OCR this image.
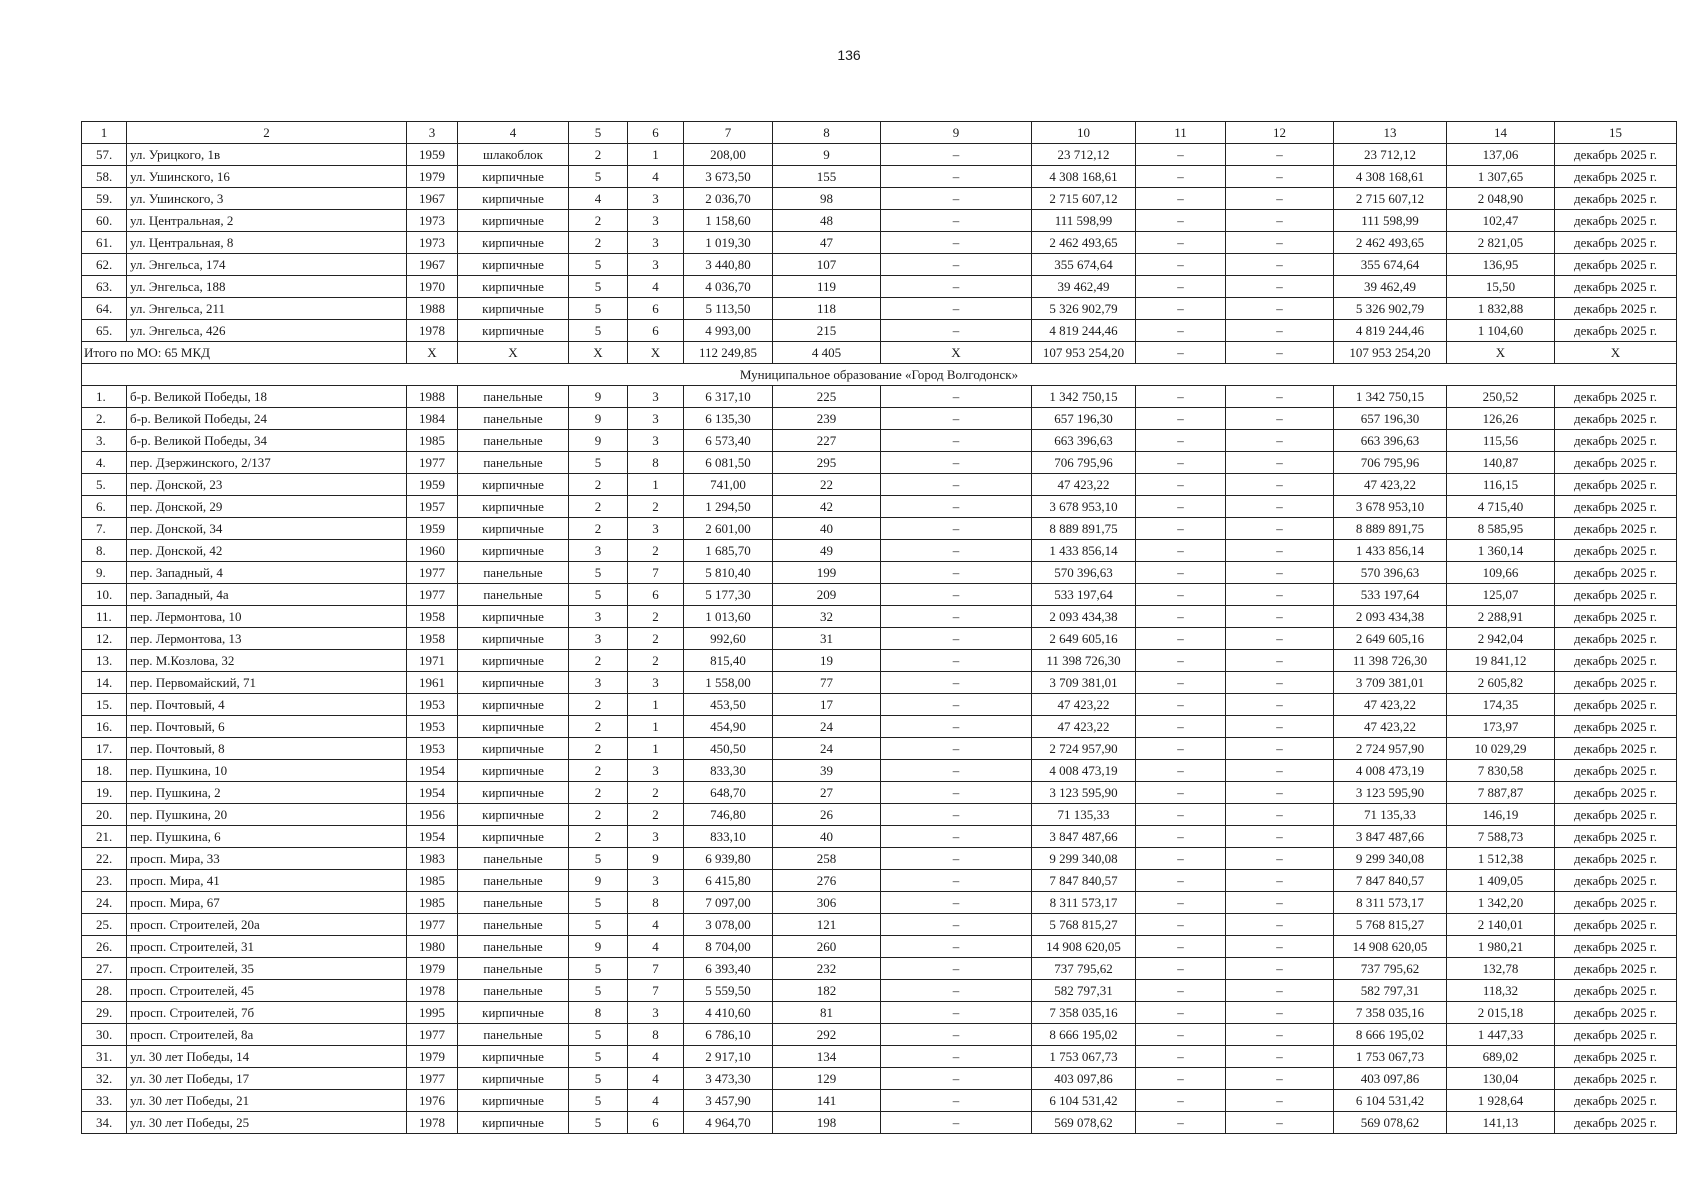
136
1	2	3	4	5	6	7	8	9	10	11	12	13	14	15
57.	ул. Урицкого, 1в	1959	шлакоблок	2	1	208,00	9	–	23 712,12	–	–	23 712,12	137,06	декабрь 2025 г.
58.	ул. Ушинского, 16	1979	кирпичные	5	4	3 673,50	155	–	4 308 168,61	–	–	4 308 168,61	1 307,65	декабрь 2025 г.
59.	ул. Ушинского, 3	1967	кирпичные	4	3	2 036,70	98	–	2 715 607,12	–	–	2 715 607,12	2 048,90	декабрь 2025 г.
60.	ул. Центральная, 2	1973	кирпичные	2	3	1 158,60	48	–	111 598,99	–	–	111 598,99	102,47	декабрь 2025 г.
61.	ул. Центральная, 8	1973	кирпичные	2	3	1 019,30	47	–	2 462 493,65	–	–	2 462 493,65	2 821,05	декабрь 2025 г.
62.	ул. Энгельса, 174	1967	кирпичные	5	3	3 440,80	107	–	355 674,64	–	–	355 674,64	136,95	декабрь 2025 г.
63.	ул. Энгельса, 188	1970	кирпичные	5	4	4 036,70	119	–	39 462,49	–	–	39 462,49	15,50	декабрь 2025 г.
64.	ул. Энгельса, 211	1988	кирпичные	5	6	5 113,50	118	–	5 326 902,79	–	–	5 326 902,79	1 832,88	декабрь 2025 г.
65.	ул. Энгельса, 426	1978	кирпичные	5	6	4 993,00	215	–	4 819 244,46	–	–	4 819 244,46	1 104,60	декабрь 2025 г.
Итого по МО: 65 МКД		X	X	X	X	112 249,85	4 405	X	107 953 254,20	–	–	107 953 254,20	X	X
Муниципальное образование «Город Волгодонск»														
1.	б-р. Великой Победы, 18	1988	панельные	9	3	6 317,10	225	–	1 342 750,15	–	–	1 342 750,15	250,52	декабрь 2025 г.
2.	б-р. Великой Победы, 24	1984	панельные	9	3	6 135,30	239	–	657 196,30	–	–	657 196,30	126,26	декабрь 2025 г.
3.	б-р. Великой Победы, 34	1985	панельные	9	3	6 573,40	227	–	663 396,63	–	–	663 396,63	115,56	декабрь 2025 г.
4.	пер. Дзержинского, 2/137	1977	панельные	5	8	6 081,50	295	–	706 795,96	–	–	706 795,96	140,87	декабрь 2025 г.
5.	пер. Донской, 23	1959	кирпичные	2	1	741,00	22	–	47 423,22	–	–	47 423,22	116,15	декабрь 2025 г.
6.	пер. Донской, 29	1957	кирпичные	2	2	1 294,50	42	–	3 678 953,10	–	–	3 678 953,10	4 715,40	декабрь 2025 г.
7.	пер. Донской, 34	1959	кирпичные	2	3	2 601,00	40	–	8 889 891,75	–	–	8 889 891,75	8 585,95	декабрь 2025 г.
8.	пер. Донской, 42	1960	кирпичные	3	2	1 685,70	49	–	1 433 856,14	–	–	1 433 856,14	1 360,14	декабрь 2025 г.
9.	пер. Западный, 4	1977	панельные	5	7	5 810,40	199	–	570 396,63	–	–	570 396,63	109,66	декабрь 2025 г.
10.	пер. Западный, 4а	1977	панельные	5	6	5 177,30	209	–	533 197,64	–	–	533 197,64	125,07	декабрь 2025 г.
11.	пер. Лермонтова, 10	1958	кирпичные	3	2	1 013,60	32	–	2 093 434,38	–	–	2 093 434,38	2 288,91	декабрь 2025 г.
12.	пер. Лермонтова, 13	1958	кирпичные	3	2	992,60	31	–	2 649 605,16	–	–	2 649 605,16	2 942,04	декабрь 2025 г.
13.	пер. М.Козлова, 32	1971	кирпичные	2	2	815,40	19	–	11 398 726,30	–	–	11 398 726,30	19 841,12	декабрь 2025 г.
14.	пер. Первомайский, 71	1961	кирпичные	3	3	1 558,00	77	–	3 709 381,01	–	–	3 709 381,01	2 605,82	декабрь 2025 г.
15.	пер. Почтовый, 4	1953	кирпичные	2	1	453,50	17	–	47 423,22	–	–	47 423,22	174,35	декабрь 2025 г.
16.	пер. Почтовый, 6	1953	кирпичные	2	1	454,90	24	–	47 423,22	–	–	47 423,22	173,97	декабрь 2025 г.
17.	пер. Почтовый, 8	1953	кирпичные	2	1	450,50	24	–	2 724 957,90	–	–	2 724 957,90	10 029,29	декабрь 2025 г.
18.	пер. Пушкина, 10	1954	кирпичные	2	3	833,30	39	–	4 008 473,19	–	–	4 008 473,19	7 830,58	декабрь 2025 г.
19.	пер. Пушкина, 2	1954	кирпичные	2	2	648,70	27	–	3 123 595,90	–	–	3 123 595,90	7 887,87	декабрь 2025 г.
20.	пер. Пушкина, 20	1956	кирпичные	2	2	746,80	26	–	71 135,33	–	–	71 135,33	146,19	декабрь 2025 г.
21.	пер. Пушкина, 6	1954	кирпичные	2	3	833,10	40	–	3 847 487,66	–	–	3 847 487,66	7 588,73	декабрь 2025 г.
22.	просп. Мира, 33	1983	панельные	5	9	6 939,80	258	–	9 299 340,08	–	–	9 299 340,08	1 512,38	декабрь 2025 г.
23.	просп. Мира, 41	1985	панельные	9	3	6 415,80	276	–	7 847 840,57	–	–	7 847 840,57	1 409,05	декабрь 2025 г.
24.	просп. Мира, 67	1985	панельные	5	8	7 097,00	306	–	8 311 573,17	–	–	8 311 573,17	1 342,20	декабрь 2025 г.
25.	просп. Строителей, 20а	1977	панельные	5	4	3 078,00	121	–	5 768 815,27	–	–	5 768 815,27	2 140,01	декабрь 2025 г.
26.	просп. Строителей, 31	1980	панельные	9	4	8 704,00	260	–	14 908 620,05	–	–	14 908 620,05	1 980,21	декабрь 2025 г.
27.	просп. Строителей, 35	1979	панельные	5	7	6 393,40	232	–	737 795,62	–	–	737 795,62	132,78	декабрь 2025 г.
28.	просп. Строителей, 45	1978	панельные	5	7	5 559,50	182	–	582 797,31	–	–	582 797,31	118,32	декабрь 2025 г.
29.	просп. Строителей, 7б	1995	кирпичные	8	3	4 410,60	81	–	7 358 035,16	–	–	7 358 035,16	2 015,18	декабрь 2025 г.
30.	просп. Строителей, 8а	1977	панельные	5	8	6 786,10	292	–	8 666 195,02	–	–	8 666 195,02	1 447,33	декабрь 2025 г.
31.	ул. 30 лет Победы, 14	1979	кирпичные	5	4	2 917,10	134	–	1 753 067,73	–	–	1 753 067,73	689,02	декабрь 2025 г.
32.	ул. 30 лет Победы, 17	1977	кирпичные	5	4	3 473,30	129	–	403 097,86	–	–	403 097,86	130,04	декабрь 2025 г.
33.	ул. 30 лет Победы, 21	1976	кирпичные	5	4	3 457,90	141	–	6 104 531,42	–	–	6 104 531,42	1 928,64	декабрь 2025 г.
34.	ул. 30 лет Победы, 25	1978	кирпичные	5	6	4 964,70	198	–	569 078,62	–	–	569 078,62	141,13	декабрь 2025 г.
